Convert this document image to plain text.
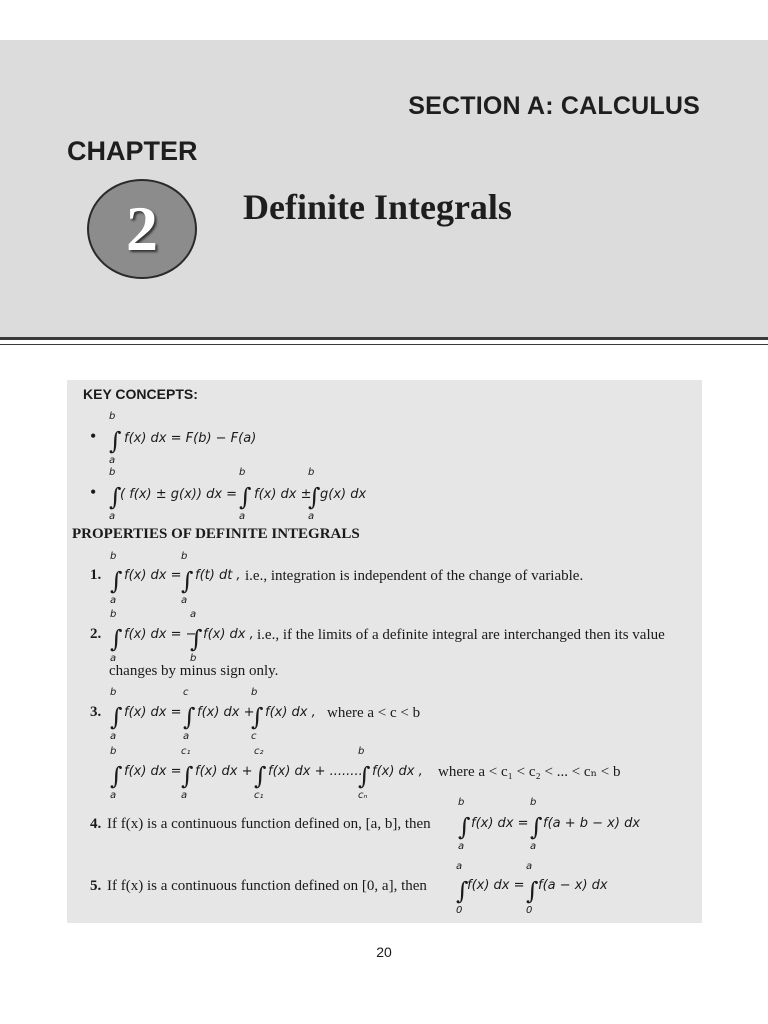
SECTION A: CALCULUS
CHAPTER
2 Definite Integrals
KEY CONCEPTS:
•
b
∫
a
f(x) dx = F(b) − F(a)
•
b
∫
a
( f(x) ± g(x)) dx =
b
∫
a
f(x) dx ±
b
∫
a
g(x) dx
PROPERTIES OF DEFINITE INTEGRALS
1.
b
∫
a
f(x) dx =
b
∫
a
f(t) dt , i.e., integration is independent of the change of variable.
2.
b
∫
a
f(x) dx = −
a
∫
b
f(x) dx , i.e., if the limits of a definite integral are interchanged then its value
changes by minus sign only.
3.
b
∫
a
f(x) dx =
c
∫
a
f(x) dx +
b
∫
c
f(x) dx , where a < c < b
b
∫
a
f(x) dx =
c₁
∫
a
f(x) dx +
c₂
∫
c₁
f(x) dx + ........
b
∫
cₙ
f(x) dx , where a < c₁ < c₂ < ... < cₙ < b
4. If f(x) is a continuous function defined on, [a, b], then
b
∫
a
f(x) dx =
b
∫
a
f(a + b − x) dx
5. If f(x) is a continuous function defined on [0, a], then
a
∫
0
f(x) dx =
a
∫
0
f(a − x) dx
20
